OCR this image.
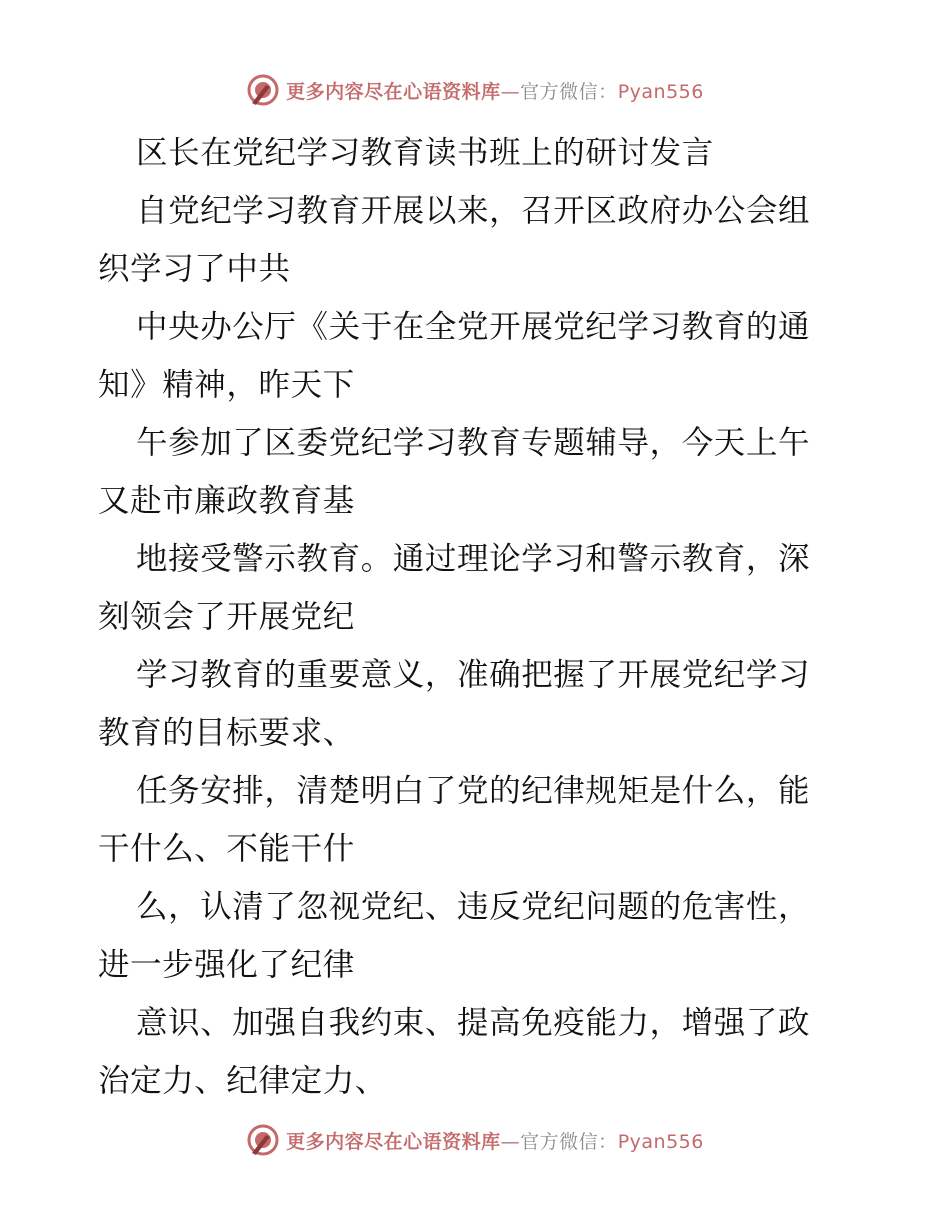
更多内容尽在心语资料库—官方微信：Pyan556
区长在党纪学习教育读书班上的研讨发言
自党纪学习教育开展以来，召开区政府办公会组
织学习了中共
中央办公厅《关于在全党开展党纪学习教育的通
知》精神，昨天下
午参加了区委党纪学习教育专题辅导，今天上午
又赴市廉政教育基
地接受警示教育。通过理论学习和警示教育，深
刻领会了开展党纪
学习教育的重要意义，准确把握了开展党纪学习
教育的目标要求、
任务安排，清楚明白了党的纪律规矩是什么，能
干什么、不能干什
么，认清了忽视党纪、违反党纪问题的危害性，
进一步强化了纪律
意识、加强自我约束、提高免疫能力，增强了政
治定力、纪律定力、
更多内容尽在心语资料库—官方微信：Pyan556
